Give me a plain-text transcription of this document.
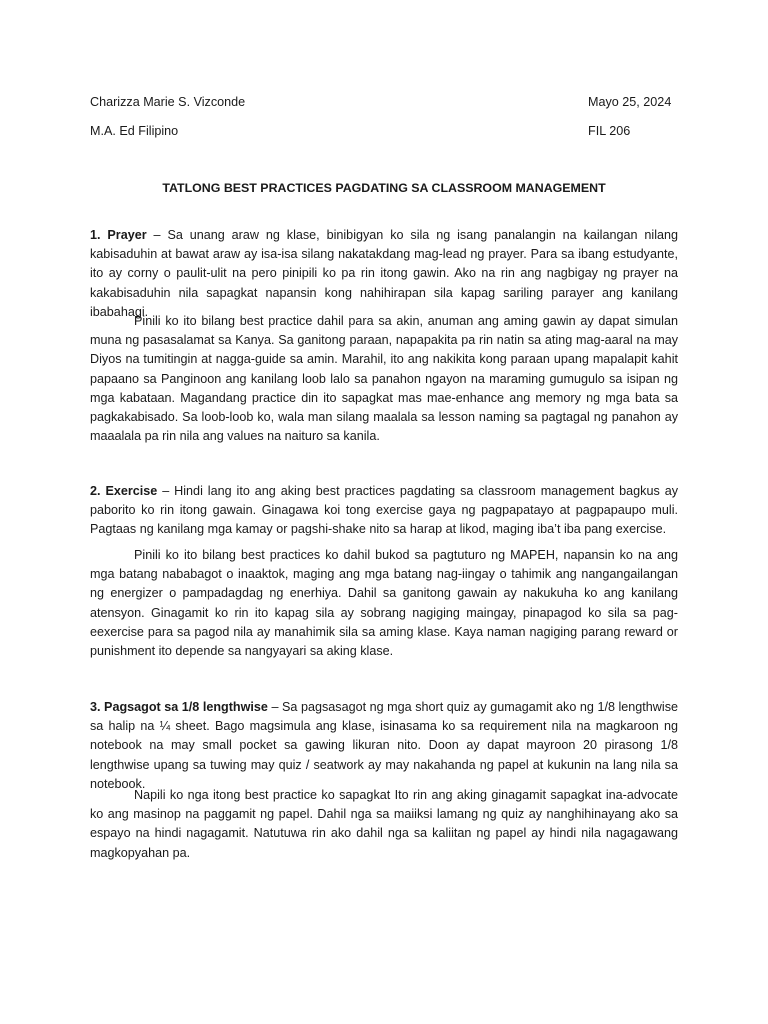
Charizza Marie S. Vizconde	Mayo 25, 2024
M.A. Ed Filipino	FIL 206
TATLONG BEST PRACTICES PAGDATING SA CLASSROOM MANAGEMENT

1. Prayer – Sa unang araw ng klase, binibigyan ko sila ng isang panalangin na kailangan nilang kabisaduhin at bawat araw ay isa-isa silang nakatakdang mag-lead ng prayer. Para sa ibang estudyante, ito ay corny o paulit-ulit na pero pinipili ko pa rin itong gawin. Ako na rin ang nagbigay ng prayer na kakabisaduhin nila sapagkat napansin kong nahihirapan sila kapag sariling parayer ang kanilang ibabahagi.

Pinili ko ito bilang best practice dahil para sa akin, anuman ang aming gawin ay dapat simulan muna ng pasasalamat sa Kanya. Sa ganitong paraan, napapakita pa rin natin sa ating mag-aaral na may Diyos na tumitingin at nagga-guide sa amin. Marahil, ito ang nakikita kong paraan upang mapalapit kahit papaano sa Panginoon ang kanilang loob lalo sa panahon ngayon na maraming gumugulo sa isipan ng mga kabataan. Magandang practice din ito sapagkat mas mae-enhance ang memory ng mga bata sa pagkakabisado. Sa loob-loob ko, wala man silang maalala sa lesson naming sa pagtagal ng panahon ay maaalala pa rin nila ang values na naituro sa kanila.

2. Exercise – Hindi lang ito ang aking best practices pagdating sa classroom management bagkus ay paborito ko rin itong gawain. Ginagawa koi tong exercise gaya ng pagpapatayo at pagpapaupo muli. Pagtaas ng kanilang mga kamay or pagshi-shake nito sa harap at likod, maging iba’t iba pang exercise.

Pinili ko ito bilang best practices ko dahil bukod sa pagtuturo ng MAPEH, napansin ko na ang mga batang nababagot o inaaktok, maging ang mga batang nag-iingay o tahimik ang nangangailangan ng energizer o pampadagdag ng enerhiya. Dahil sa ganitong gawain ay nakukuha ko ang kanilang atensyon. Ginagamit ko rin ito kapag sila ay sobrang nagiging maingay, pinapagod ko sila sa pag-eexercise para sa pagod nila ay manahimik sila sa aming klase. Kaya naman nagiging parang reward or punishment ito depende sa nangyayari sa aking klase.

3. Pagsagot sa 1/8 lengthwise – Sa pagsasagot ng mga short quiz ay gumagamit ako ng 1/8 lengthwise sa halip na ¼ sheet. Bago magsimula ang klase, isinasama ko sa requirement nila na magkaroon ng notebook na may small pocket sa gawing likuran nito. Doon ay dapat mayroon 20 pirasong 1/8 lengthwise upang sa tuwing may quiz / seatwork ay may nakahanda ng papel at kukunin na lang nila sa notebook.

Napili ko nga itong best practice ko sapagkat Ito rin ang aking ginagamit sapagkat ina-advocate ko ang masinop na paggamit ng papel. Dahil nga sa maiiksi lamang ng quiz ay nanghihinayang ako sa espayo na hindi nagagamit. Natutuwa rin ako dahil nga sa kaliitan ng papel ay hindi nila nagagawang magkopyahan pa.
